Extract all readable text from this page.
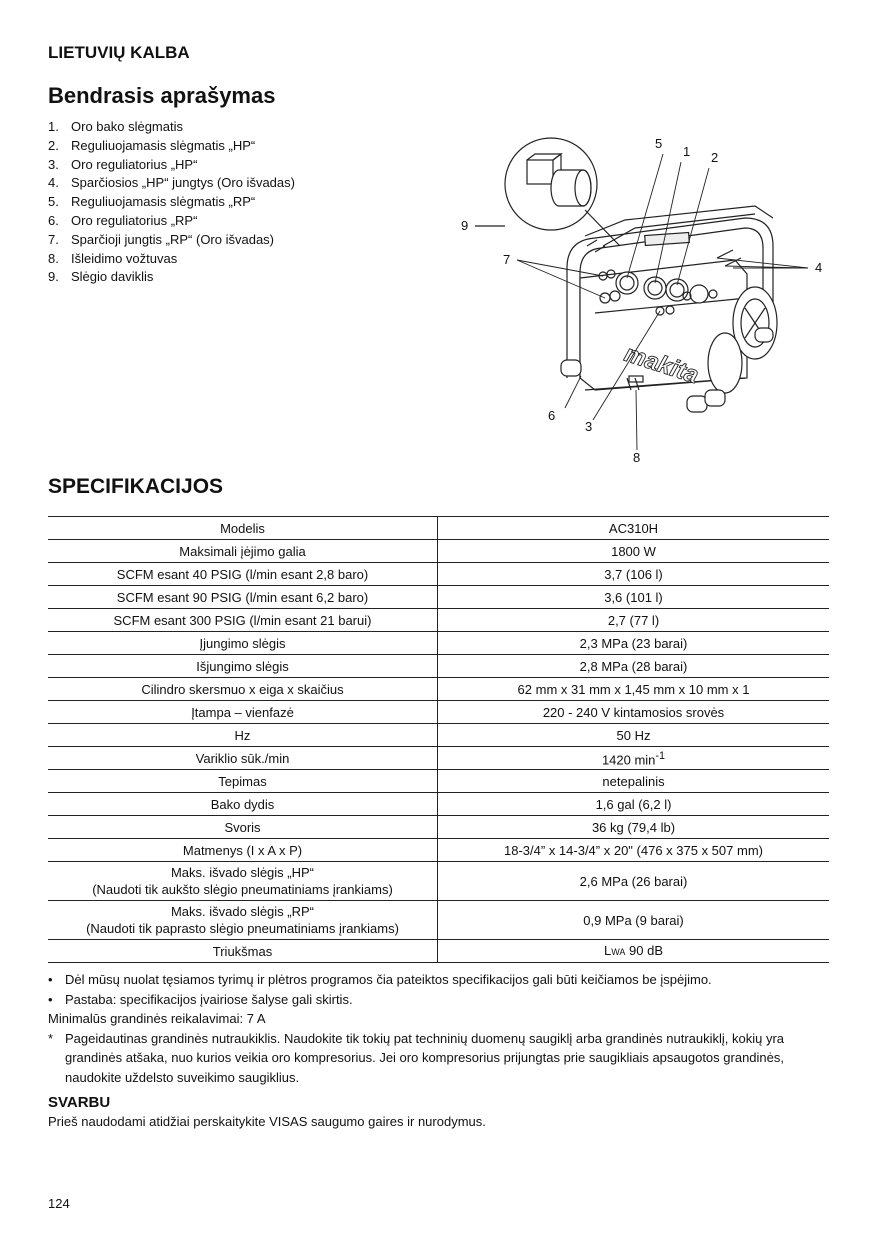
LIETUVIŲ KALBA
Bendrasis aprašymas
1. Oro bako slėgmatis
2. Reguliuojamasis slėgmatis „HP“
3. Oro reguliatorius „HP“
4. Sparčiosios „HP“ jungtys (Oro išvadas)
5. Reguliuojamasis slėgmatis „RP“
6. Oro reguliatorius „RP“
7. Sparčioji jungtis „RP“ (Oro išvadas)
8. Išleidimo vožtuvas
9. Slėgio daviklis
makita
5
1 2
9
7
4
6
3
8
SPECIFIKACIJOS
Modelis	AC310H
Maksimali įėjimo galia	1800 W
SCFM esant 40 PSIG (l/min esant 2,8 baro)	3,7 (106 l)
SCFM esant 90 PSIG (l/min esant 6,2 baro)	3,6 (101 l)
SCFM esant 300 PSIG (l/min esant 21 barui)	2,7 (77 l)
Įjungimo slėgis	2,3 MPa (23 barai)
Išjungimo slėgis	2,8 MPa (28 barai)
Cilindro skersmuo x eiga x skaičius	62 mm x 31 mm x 1,45 mm x 10 mm x 1
Įtampa – vienfazė	220 - 240 V kintamosios srovės
Hz	50 Hz
Variklio sūk./min	1420 $\min^{-1}$
Tepimas	netepalinis
Bako dydis	1,6 gal (6,2 l)
Svoris	36 kg (79,4 lb)
Matmenys (I x A x P)	18-3/4” x 14-3/4” x 20" (476 x 375 x 507 mm)

Maks. išvado slėgis „HP“
(Naudoti tik aukšto slėgio pneumatiniams įrankiams)	2,6 MPa (26 barai)

Maks. išvado slėgis „RP“
(Naudoti tik paprasto slėgio pneumatiniams įrankiams)	0,9 MPa (9 barai)
Triukšmas	LWA 90 dB
• Dėl mūsų nuolat tęsiamos tyrimų ir plėtros programos čia pateiktos specifikacijos gali būti keičiamos be įspėjimo.
• Pastaba: specifikacijos įvairiose šalyse gali skirtis.
Minimalūs grandinės reikalavimai: 7 A
* Pageidautinas grandinės nutraukiklis. Naudokite tik tokių pat techninių duomenų saugiklį arba grandinės nutraukiklį, kokių yra grandinės atšaka, nuo kurios veikia oro kompresorius. Jei oro kompresorius prijungtas prie saugikliais apsaugotos grandinės, naudokite uždelsto suveikimo saugiklius.
SVARBU
Prieš naudodami atidžiai perskaitykite VISAS saugumo gaires ir nurodymus.
124
